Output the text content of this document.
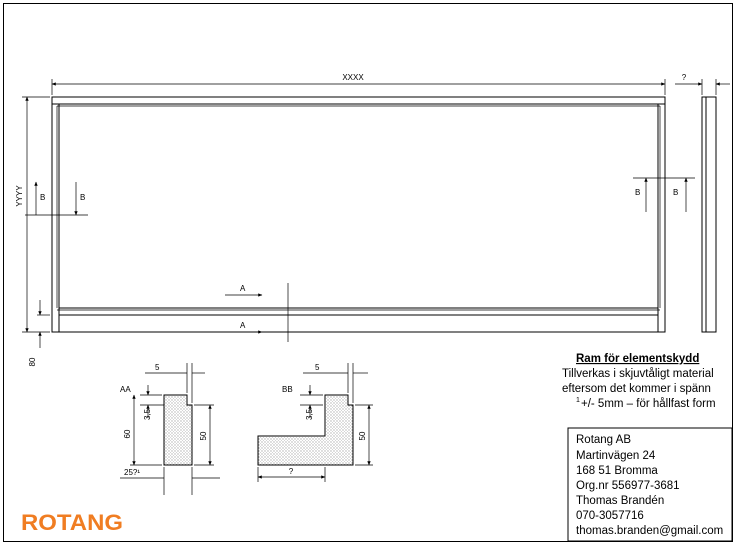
XXXX	?
YYYY
80
B	B
B	B
A
A
AA
5
3,5
60	50
25?¹
BB
5
3,5
50
?
Ram för elementskydd
Tillverkas i skjuvtåligt material
eftersom det kommer i spänn
1 +/- 5mm – för hållfast form
Rotang AB
Martinvägen 24
168 51 Bromma
Org.nr 556977-3681
Thomas Brandén
070-3057716
thomas.branden@gmail.com
ROTANG
